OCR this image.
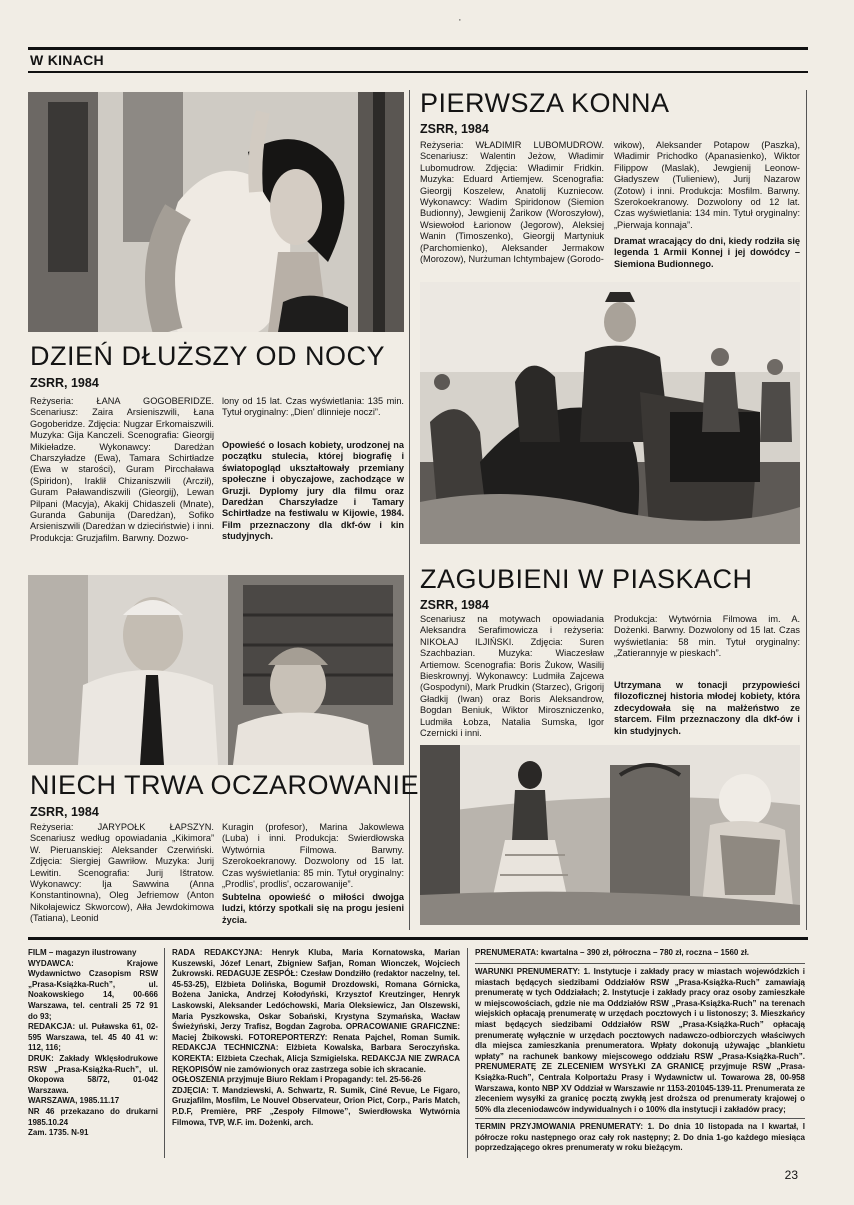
·
W KINACH
DZIEŃ DŁUŻSZY OD NOCY
ZSRR, 1984

Reżyseria: ŁANA GOGOBERIDZE. Scenariusz: Zaira Arsieniszwili, Łana Gogoberidze. Zdjęcia: Nugzar Erkomaiszwili. Muzyka: Gija Kanczeli. Scenografia: Gieorgij Mikieładze. Wykonawcy: Daredżan Charszyładze (Ewa), Tamara Schirtładze (Ewa w starości), Guram Pircchaława (Spiridon), Iraklił Chizaniszwili (Arcził), Guram Paławandiszwili (Gieorgij), Lewan Pilpani (Macyja), Akakij Chidaszeli (Mnate), Guranda Gabunija (Daredżan), Sofiko Arsieniszwili (Daredżan w dzieciństwie) i inni. Produkcja: Gruzjafilm. Barwny. Dozwo-

lony od 15 lat. Czas wyświetlania: 135 min. Tytuł oryginalny: „Dien' dlinnieje noczi”.

Opowieść o losach kobiety, urodzonej na początku stulecia, której biografię i światopogląd ukształtowały przemiany społeczne i obyczajowe, zachodzące w Gruzji. Dyplomy jury dla filmu oraz Daredżan Charszyładze i Tamary Schirtładze na festiwalu w Kijowie, 1984. Film przeznaczony dla dkf-ów i kin studyjnych.

NIECH TRWA OCZAROWANIE
ZSRR, 1984

Reżyseria: JARYPOŁK ŁAPSZYN. Scenariusz według opowiadania „Kikimora” W. Pieruanskiej: Aleksander Czerwiński. Zdjęcia: Siergiej Gawriłow. Muzyka: Jurij Lewitin. Scenografia: Jurij Ištratow. Wykonawcy: Ija Sawwina (Anna Konstantinowna), Oleg Jefriemow (Anton Nikołajewicz Skworcow), Ałła Jewdokimowa (Tatiana), Leonid

Kuragin (profesor), Marina Jakowlewa (Luba) i inni. Produkcja: Swierdłowska Wytwórnia Filmowa. Barwny. Szerokoekranowy. Dozwolony od 15 lat. Czas wyświetlania: 85 min. Tytuł oryginalny: „Prodlis', prodlis', oczarowanije”.

Subtelna opowieść o miłości dwojga ludzi, którzy spotkali się na progu jesieni życia.

PIERWSZA KONNA
ZSRR, 1984

Reżyseria: WŁADIMIR LUBOMUDROW. Scenariusz: Walentin Jeżow, Władimir Lubomudrow. Zdjęcia: Władimir Fridkin. Muzyka: Eduard Artiemjew. Scenografia: Gieorgij Koszelew, Anatolij Kuzniecow. Wykonawcy: Wadim Spiridonow (Siemion Budionny), Jewgienij Żarikow (Woroszyłow), Wsiewołod Łarionow (Jegorow), Aleksiej Wanin (Timoszenko), Gieorgij Martyniuk (Parchomienko), Aleksander Jermakow (Morozow), Nurżuman Ichtymbajew (Gorodo-

wikow), Aleksander Potapow (Paszka), Władimir Prichodko (Apanasienko), Wiktor Filippow (Maslak), Jewgienij Leonow-Gładyszew (Tulieniew), Jurij Nazarow (Zotow) i inni. Produkcja: Mosfilm. Barwny. Szerokoekranowy. Dozwolony od 12 lat. Czas wyświetlania: 134 min. Tytuł oryginalny: „Pierwaja konnaja”.

Dramat wracający do dni, kiedy rodziła się legenda 1 Armii Konnej i jej dowódcy – Siemiona Budionnego.

ZAGUBIENI W PIASKACH
ZSRR, 1984

Scenariusz na motywach opowiadania Aleksandra Serafimowicza i reżyseria: NIKOŁAJ ILJIŃSKI. Zdjęcia: Suren Szachbazian. Muzyka: Wiaczesław Artiemow. Scenografia: Boris Żukow, Wasilij Bieskrownyj. Wykonawcy: Ludmiła Zajcewa (Gospodyni), Mark Prudkin (Starzec), Grigorij Gładkij (Iwan) oraz Boris Aleksandrow, Bogdan Beniuk, Wiktor Miroszniczenko, Ludmiła Łobza, Natalia Sumska, Igor Czernicki i inni.

Produkcja: Wytwórnia Filmowa im. A. Dożenki. Barwny. Dozwolony od 15 lat. Czas wyświetlania: 58 min. Tytuł oryginalny: „Zatierannyje w pieskach”.

Utrzymana w tonacji przypowieści filozoficznej historia młodej kobiety, która zdecydowała się na małżeństwo ze starcem. Film przeznaczony dla dkf-ów i kin studyjnych.

FILM – magazyn ilustrowany
WYDAWCA: Krajowe Wydawnictwo Czasopism RSW „Prasa-Książka-Ruch”, ul. Noakowskiego 14, 00-666 Warszawa, tel. centrali 25 72 91 do 93;
REDAKCJA: ul. Puławska 61, 02-595 Warszawa, tel. 45 40 41 w: 112, 116;
DRUK: Zakłady Wklęsłodrukowe RSW „Prasa-Książka-Ruch”, ul. Okopowa 58/72, 01-042 Warszawa.
WARSZAWA, 1985.11.17
NR 46 przekazano do drukarni 1985.10.24
Zam. 1735. N-91
RADA REDAKCYJNA: Henryk Kluba, Maria Kornatowska, Marian Kuszewski, Józef Lenart, Zbigniew Safjan, Roman Wionczek, Wojciech Żukrowski. REDAGUJE ZESPÓŁ: Czesław Dondziłło (redaktor naczelny, tel. 45-53-25), Elżbieta Dolińska, Bogumił Drozdowski, Romana Górnicka, Bożena Janicka, Andrzej Kołodyński, Krzysztof Kreutzinger, Henryk Laskowski, Aleksander Ledóchowski, Maria Oleksiewicz, Jan Olszewski, Maria Pyszkowska, Oskar Sobański, Krystyna Szymańska, Wacław Świeżyński, Jerzy Trafisz, Bogdan Zagroba. OPRACOWANIE GRAFICZNE: Maciej Żbikowski. FOTOREPORTERZY: Renata Pajchel, Roman Sumik. REDAKCJA TECHNICZNA: Elżbieta Kowalska, Barbara Seroczyńska. KOREKTA: Elżbieta Czechak, Alicja Szmigielska. REDAKCJA NIE ZWRACA RĘKOPISÓW nie zamówionych oraz zastrzega sobie ich skracanie.
OGŁOSZENIA przyjmuje Biuro Reklam i Propagandy: tel. 25-56-26
ZDJĘCIA: T. Mandziewski, A. Schwartz, R. Sumik, Ciné Revue, Le Figaro, Gruzjafilm, Mosfilm, Le Nouvel Observateur, Orion Pict, Corp., Paris Match, P.D.F, Première, PRF „Zespoły Filmowe”, Swierdłowska Wytwórnia Filmowa, TVP, W.F. im. Dożenki, arch.
PRENUMERATA: kwartalna – 390 zł, półroczna – 780 zł, roczna – 1560 zł.
WARUNKI PRENUMERATY: 1. Instytucje i zakłady pracy w miastach wojewódzkich i miastach będących siedzibami Oddziałów RSW „Prasa-Książka-Ruch” zamawiają prenumeratę w tych Oddziałach; 2. Instytucje i zakłady pracy oraz osoby zamieszkałe w miejscowościach, gdzie nie ma Oddziałów RSW „Prasa-Książka-Ruch” na terenach wiejskich opłacają prenumeratę w urzędach pocztowych i u listonoszy; 3. Mieszkańcy miast będących siedzibami Oddziałów RSW „Prasa-Książka-Ruch” opłacają prenumeratę wyłącznie w urzędach pocztowych nadawczo-odbiorczych właściwych dla miejsca zamieszkania prenumeratora. Wpłaty dokonują używając „blankietu wpłaty” na rachunek bankowy miejscowego oddziału RSW „Prasa-Książka-Ruch”. PRENUMERATĘ ZE ZLECENIEM WYSYŁKI ZA GRANICĘ przyjmuje RSW „Prasa-Książka-Ruch”, Centrala Kolportażu Prasy i Wydawnictw ul. Towarowa 28, 00-958 Warszawa, konto NBP XV Oddział w Warszawie nr 1153-201045-139-11. Prenumerata ze zleceniem wysyłki za granicę pocztą zwykłą jest droższa od prenumeraty krajowej o 50% dla zleceniodawców indywidualnych i o 100% dla instytucji i zakładów pracy;
TERMIN PRZYJMOWANIA PRENUMERATY: 1. Do dnia 10 listopada na I kwartał, I półrocze roku następnego oraz cały rok następny; 2. Do dnia 1-go każdego miesiąca poprzedzającego okres prenumeraty w roku bieżącym.
23
